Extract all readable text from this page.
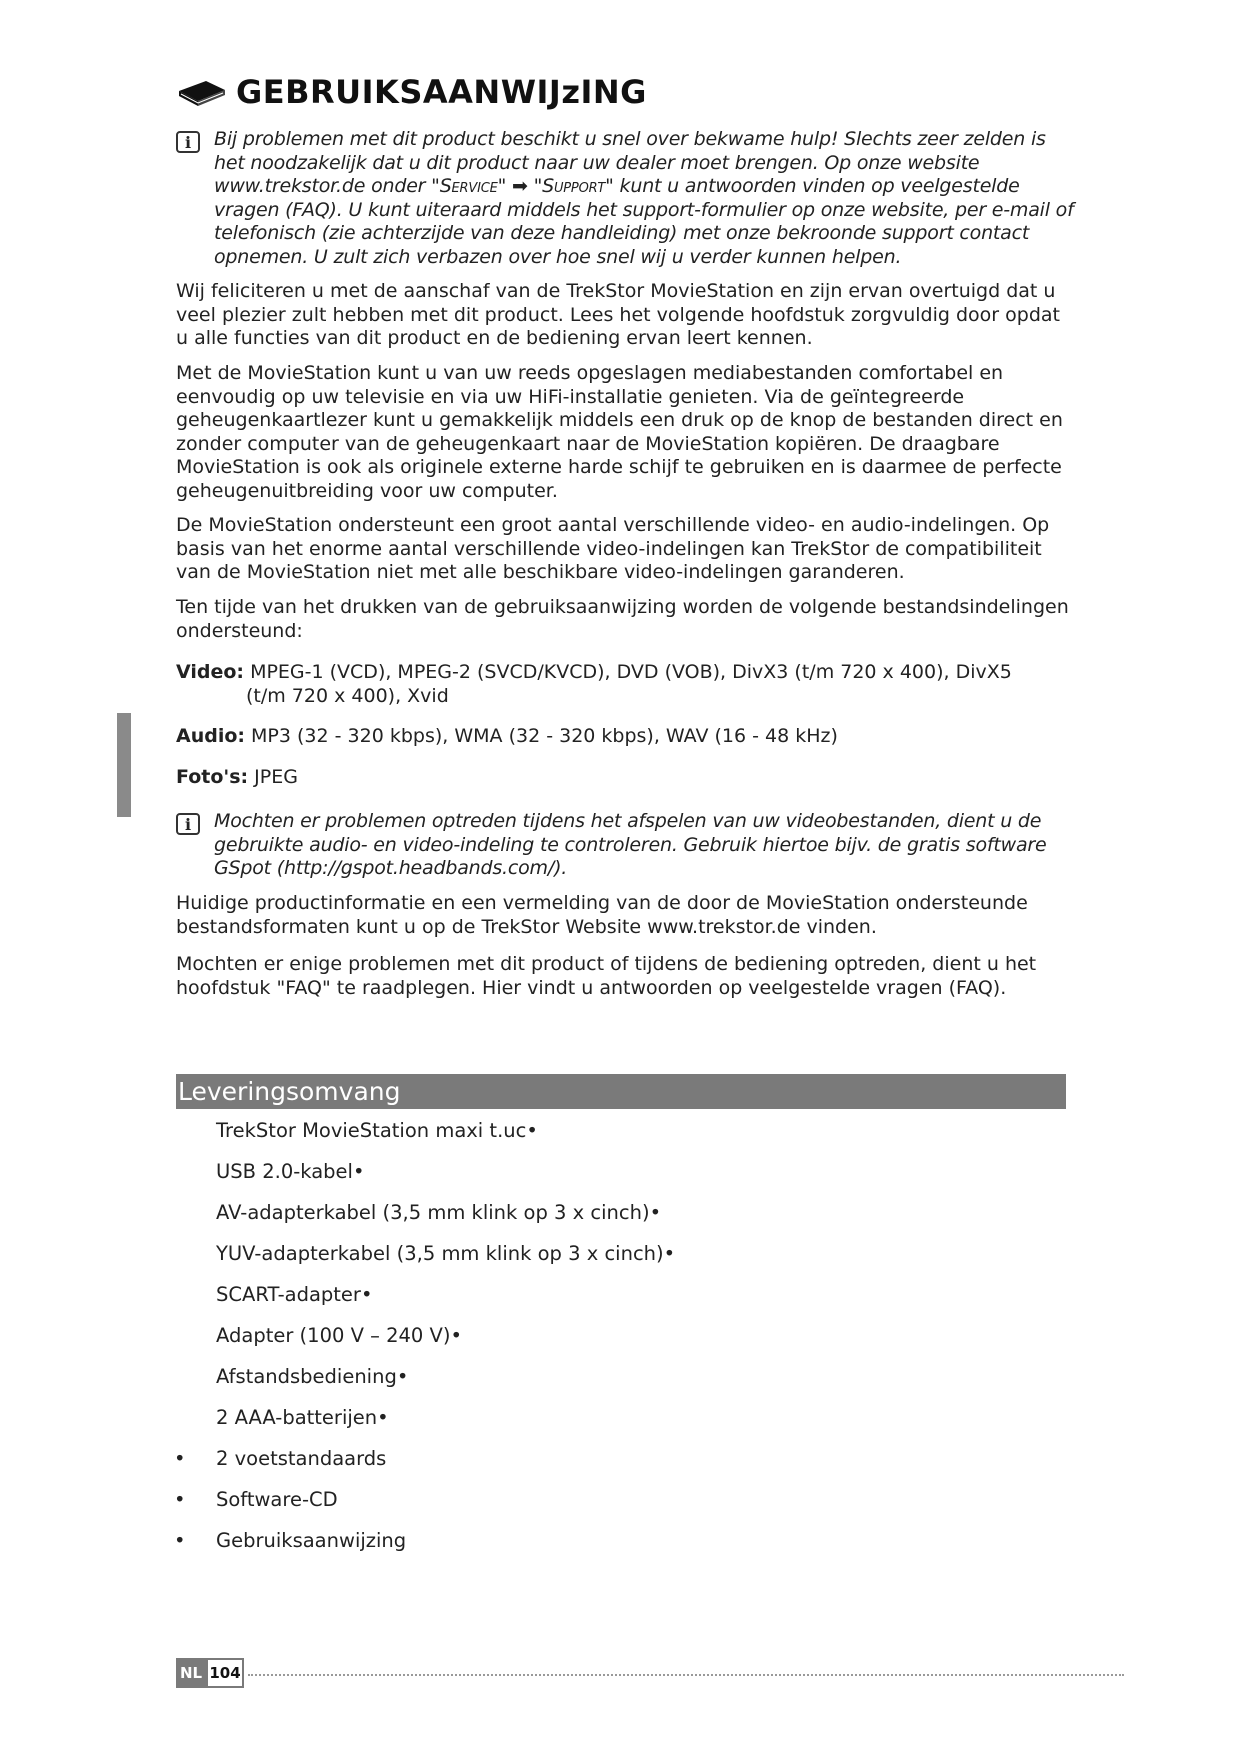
GEBRUIKSAANWIJzING
i	Bij problemen met dit product beschikt u snel over bekwame hulp! Slechts zeer zelden is het noodzakelijk dat u dit product naar uw dealer moet brengen. Op onze website www.trekstor.de onder "Service" ➡ "Support" kunt u antwoorden vinden op veelgestelde vragen (FAQ). U kunt uiteraard middels het support-formulier op onze website, per e-mail of telefonisch (zie achterzijde van deze handleiding) met onze bekroonde support contact opnemen. U zult zich verbazen over hoe snel wij u verder kunnen helpen.

Wij feliciteren u met de aanschaf van de TrekStor MovieStation en zijn ervan overtuigd dat u veel plezier zult hebben met dit product. Lees het volgende hoofdstuk zorgvuldig door opdat u alle functies van dit product en de bediening ervan leert kennen.

Met de MovieStation kunt u van uw reeds opgeslagen mediabestanden comfortabel en eenvoudig op uw televisie en via uw HiFi-installatie genieten. Via de geïntegreerde geheugenkaartlezer kunt u gemakkelijk middels een druk op de knop de bestanden direct en zonder computer van de geheugenkaart naar de MovieStation kopiëren. De draagbare MovieStation is ook als originele externe harde schijf te gebruiken en is daarmee de perfecte geheugenuitbreiding voor uw computer.

De MovieStation ondersteunt een groot aantal verschillende video- en audio-indelingen. Op basis van het enorme aantal verschillende video-indelingen kan TrekStor de compatibiliteit van de MovieStation niet met alle beschikbare video-indelingen garanderen.

Ten tijde van het drukken van de gebruiksaanwijzing worden de volgende bestandsindelingen ondersteund:

Video: MPEG-1 (VCD), MPEG-2 (SVCD/KVCD), DVD (VOB), DivX3 (t/m 720 x 400), DivX5
(t/m 720 x 400), Xvid
Audio: MP3 (32 - 320 kbps), WMA (32 - 320 kbps), WAV (16 - 48 kHz)
Foto's: JPEG
i	Mochten er problemen optreden tijdens het afspelen van uw videobestanden, dient u de gebruikte audio- en video-indeling te controleren. Gebruik hiertoe bijv. de gratis software GSpot (http://gspot.headbands.com/).

Huidige productinformatie en een vermelding van de door de MovieStation ondersteunde bestandsformaten kunt u op de TrekStor Website www.trekstor.de vinden.

Mochten er enige problemen met dit product of tijdens de bediening optreden, dient u het hoofdstuk "FAQ" te raadplegen. Hier vindt u antwoorden op veelgestelde vragen (FAQ).

Leveringsomvang
TrekStor MovieStation maxi t.uc•
USB 2.0-kabel•
AV-adapterkabel (3,5 mm klink op 3 x cinch)•
YUV-adapterkabel (3,5 mm klink op 3 x cinch)•
SCART-adapter•
Adapter (100 V – 240 V)•
Afstandsbediening•
2 AAA-batterijen•
•	2 voetstandaards
•	Software-CD
•	Gebruiksaanwijzing
NL 104
